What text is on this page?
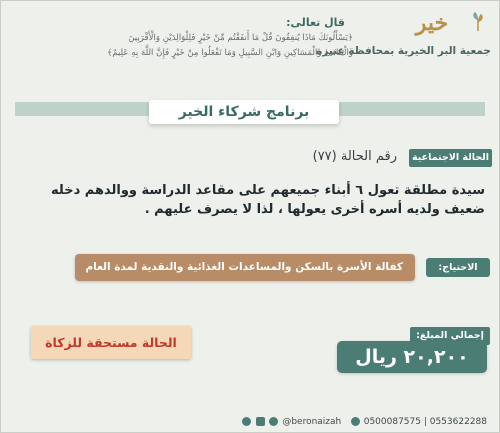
خير
جمعية البر الخيرية بمحافظة عنيزة
قال تعالى:
﴿يَسْأَلُونَكَ مَاذَا يُنفِقُونَ قُلْ مَا أَنفَقْتُم مِّنْ خَيْرٍ فَلِلْوَالِدَيْنِ وَالْأَقْرَبِينَ
وَالْيَتَامَىٰ وَالْمَسَاكِينِ وَابْنِ السَّبِيلِ وَمَا تَفْعَلُوا مِنْ خَيْرٍ فَإِنَّ اللَّهَ بِهِ عَلِيمٌ﴾
برنامج شركاء الخير
الحالة الاجتماعية
رقم الحالة (٧٧)
سيدة مطلقة تعول ٦ أبناء جميعهم على مقاعد الدراسة ووالدهم دخله ضعيف ولديه أسره أخرى يعولها ، لذا لا يصرف عليهم .
الاحتياج:
كفالة الأسرة بالسكن والمساعدات الغذائية والنقدية لمدة العام
إجمالي المبلغ:
٢٠,٢٠٠ ريال
الحالة مستحقة للزكاة
@beronaizah 0500087575 | 0553622288
